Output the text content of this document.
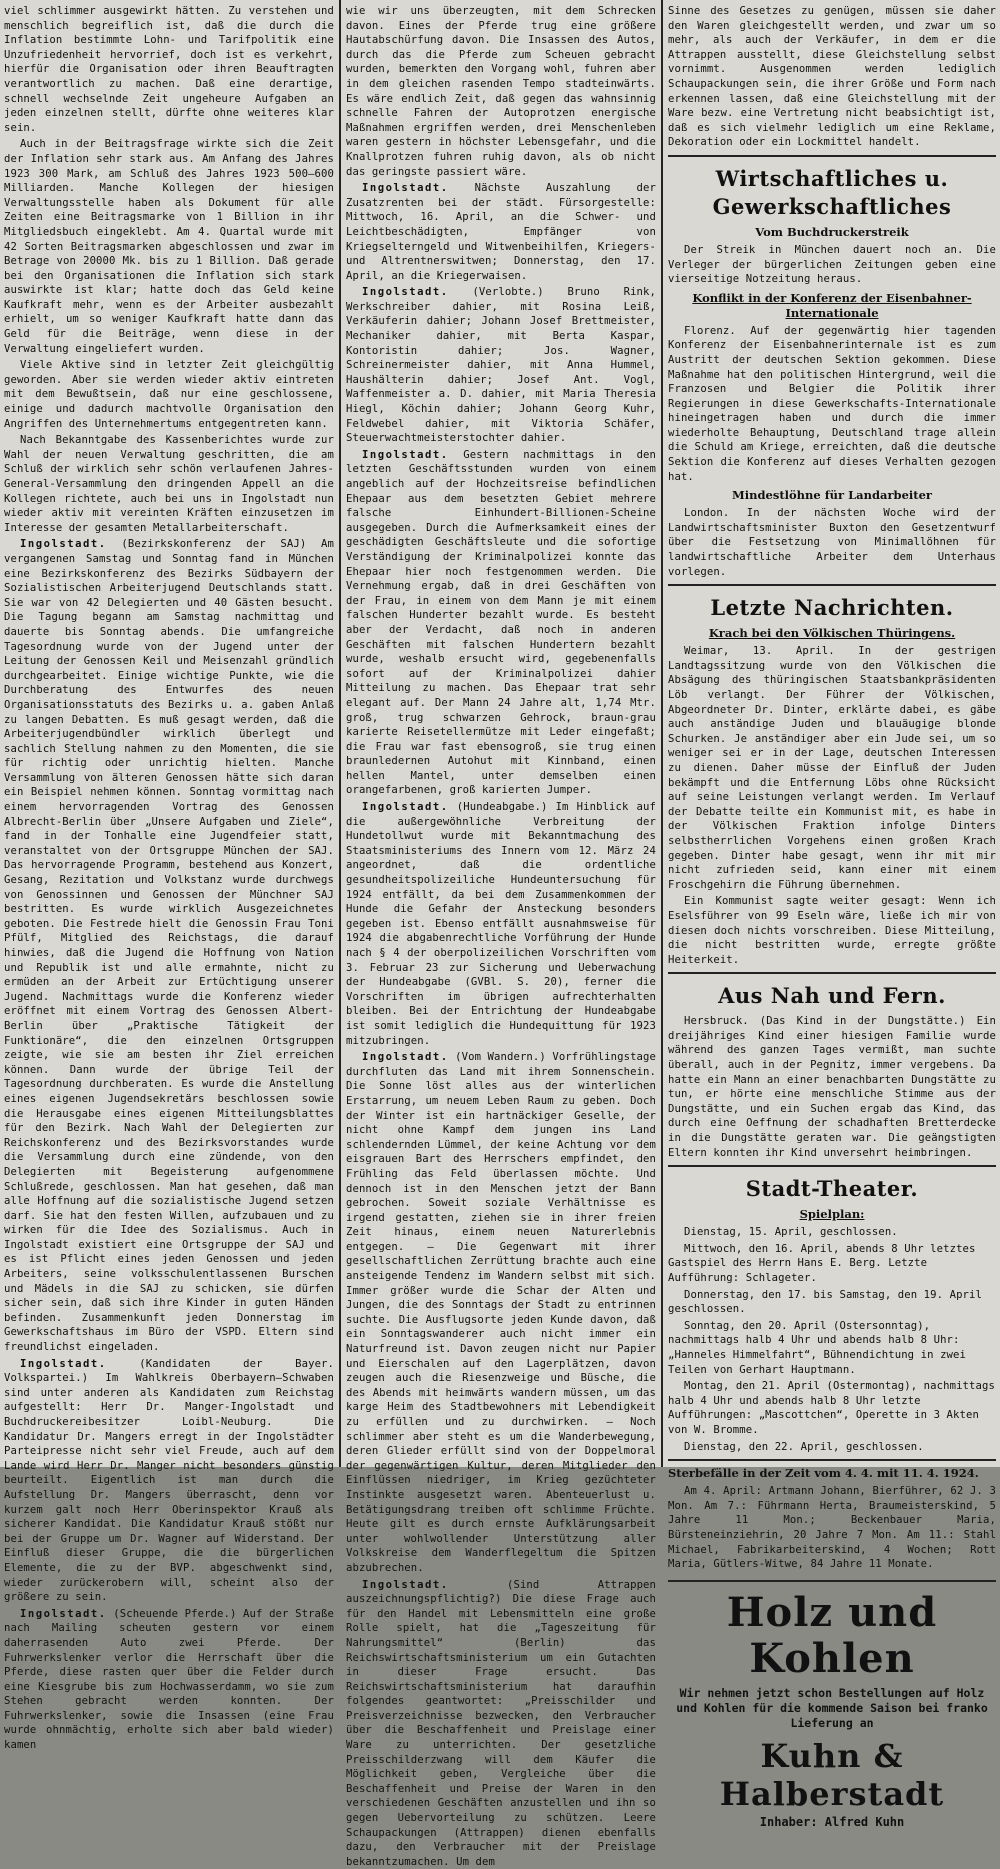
viel schlimmer ausgewirkt hätten. Zu verstehen und menschlich begreiflich ist, daß die durch die Inflation bestimmte Lohn- und Tarifpolitik eine Unzufriedenheit hervorrief, doch ist es verkehrt, hierfür die Organisation oder ihren Beauftragten verantwortlich zu machen. Daß eine derartige, schnell wechselnde Zeit ungeheure Aufgaben an jeden einzelnen stellt, dürfte ohne weiteres klar sein.

Auch in der Beitragsfrage wirkte sich die Zeit der Inflation sehr stark aus. Am Anfang des Jahres 1923 300 Mark, am Schluß des Jahres 1923 500—600 Milliarden. Manche Kollegen der hiesigen Verwaltungsstelle haben als Dokument für alle Zeiten eine Beitragsmarke von 1 Billion in ihr Mitgliedsbuch eingeklebt. Am 4. Quartal wurde mit 42 Sorten Beitragsmarken abgeschlossen und zwar im Betrage von 20000 Mk. bis zu 1 Billion. Daß gerade bei den Organisationen die Inflation sich stark auswirkte ist klar; hatte doch das Geld keine Kaufkraft mehr, wenn es der Arbeiter ausbezahlt erhielt, um so weniger Kaufkraft hatte dann das Geld für die Beiträge, wenn diese in der Verwaltung eingeliefert wurden.

Viele Aktive sind in letzter Zeit gleichgültig geworden. Aber sie werden wieder aktiv eintreten mit dem Bewußtsein, daß nur eine geschlossene, einige und dadurch machtvolle Organisation den Angriffen des Unternehmertums entgegentreten kann.

Nach Bekanntgabe des Kassenberichtes wurde zur Wahl der neuen Verwaltung geschritten, die am Schluß der wirklich sehr schön verlaufenen Jahres-General-Versammlung den dringenden Appell an die Kollegen richtete, auch bei uns in Ingolstadt nun wieder aktiv mit vereinten Kräften einzusetzen im Interesse der gesamten Metallarbeiterschaft.

Ingolstadt. (Bezirkskonferenz der SAJ) Am vergangenen Samstag und Sonntag fand in München eine Bezirkskonferenz des Bezirks Südbayern der Sozialistischen Arbeiterjugend Deutschlands statt. Sie war von 42 Delegierten und 40 Gästen besucht. Die Tagung begann am Samstag nachmittag und dauerte bis Sonntag abends. Die umfangreiche Tagesordnung wurde von der Jugend unter der Leitung der Genossen Keil und Meisenzahl gründlich durchgearbeitet. Einige wichtige Punkte, wie die Durchberatung des Entwurfes des neuen Organisationsstatuts des Bezirks u. a. gaben Anlaß zu langen Debatten. Es muß gesagt werden, daß die Arbeiterjugendbündler wirklich überlegt und sachlich Stellung nahmen zu den Momenten, die sie für richtig oder unrichtig hielten. Manche Versammlung von älteren Genossen hätte sich daran ein Beispiel nehmen können. Sonntag vormittag nach einem hervorragenden Vortrag des Genossen Albrecht-Berlin über „Unsere Aufgaben und Ziele“, fand in der Tonhalle eine Jugendfeier statt, veranstaltet von der Ortsgruppe München der SAJ. Das hervorragende Programm, bestehend aus Konzert, Gesang, Rezitation und Volkstanz wurde durchwegs von Genossinnen und Genossen der Münchner SAJ bestritten. Es wurde wirklich Ausgezeichnetes geboten. Die Festrede hielt die Genossin Frau Toni Pfülf, Mitglied des Reichstags, die darauf hinwies, daß die Jugend die Hoffnung von Nation und Republik ist und alle ermahnte, nicht zu ermüden an der Arbeit zur Ertüchtigung unserer Jugend. Nachmittags wurde die Konferenz wieder eröffnet mit einem Vortrag des Genossen Albert-Berlin über „Praktische Tätigkeit der Funktionäre“, die den einzelnen Ortsgruppen zeigte, wie sie am besten ihr Ziel erreichen können. Dann wurde der übrige Teil der Tagesordnung durchberaten. Es wurde die Anstellung eines eigenen Jugendsekretärs beschlossen sowie die Herausgabe eines eigenen Mitteilungsblattes für den Bezirk. Nach Wahl der Delegierten zur Reichskonferenz und des Bezirksvorstandes wurde die Versammlung durch eine zündende, von den Delegierten mit Begeisterung aufgenommene Schlußrede, geschlossen. Man hat gesehen, daß man alle Hoffnung auf die sozialistische Jugend setzen darf. Sie hat den festen Willen, aufzubauen und zu wirken für die Idee des Sozialismus. Auch in Ingolstadt existiert eine Ortsgruppe der SAJ und es ist Pflicht eines jeden Genossen und jeden Arbeiters, seine volksschulentlassenen Burschen und Mädels in die SAJ zu schicken, sie dürfen sicher sein, daß sich ihre Kinder in guten Händen befinden. Zusammenkunft jeden Donnerstag im Gewerkschaftshaus im Büro der VSPD. Eltern sind freundlichst eingeladen.

Ingolstadt.	(Kandidaten der Bayer. Volkspartei.) Im Wahlkreis Oberbayern—Schwaben sind unter anderen als Kandidaten zum Reichstag aufgestellt: Herr Dr. Manger-Ingolstadt und Buchdruckereibesitzer Loibl-Neuburg. Die Kandidatur Dr. Mangers erregt in der Ingolstädter Parteipresse nicht sehr viel Freude, auch auf dem Lande wird Herr Dr. Manger nicht besonders günstig beurteilt. Eigentlich ist man durch die Aufstellung Dr. Mangers überrascht, denn vor kurzem galt noch Herr Oberinspektor Krauß als sicherer Kandidat. Die Kandidatur Krauß stößt nur bei der Gruppe um Dr. Wagner auf Widerstand. Der Einfluß dieser Gruppe, die die bürgerlichen Elemente, die zu der BVP. abgeschwenkt sind, wieder zurückerobern will, scheint also der größere zu sein.

Ingolstadt. (Scheuende Pferde.) Auf der Straße nach Mailing scheuten gestern vor einem daherrasenden Auto zwei Pferde. Der Fuhrwerkslenker verlor die Herrschaft über die Pferde, diese rasten quer über die Felder durch eine Kiesgrube bis zum Hochwasserdamm, wo sie zum Stehen gebracht werden konnten. Der Fuhrwerkslenker, sowie die Insassen (eine Frau wurde ohnmächtig, erholte sich aber bald wieder) kamen

wie wir uns überzeugten, mit dem Schrecken davon. Eines der Pferde trug eine größere Hautabschürfung davon. Die Insassen des Autos, durch das die Pferde zum Scheuen gebracht wurden, bemerkten den Vorgang wohl, fuhren aber in dem gleichen rasenden Tempo stadteinwärts. Es wäre endlich Zeit, daß gegen das wahnsinnig schnelle Fahren der Autoprotzen energische Maßnahmen ergriffen werden, drei Menschenleben waren gestern in höchster Lebensgefahr, und die Knallprotzen fuhren ruhig davon, als ob nicht das geringste passiert wäre.

Ingolstadt. Nächste Auszahlung der Zusatzrenten bei der städt. Fürsorgestelle: Mittwoch, 16. April, an die Schwer- und Leichtbeschädigten, Empfänger von Kriegselterngeld und Witwenbeihilfen, Kriegers- und Altrentnerswitwen; Donnerstag, den 17. April, an die Kriegerwaisen.

Ingolstadt. (Verlobte.) Bruno Rink, Werkschreiber dahier, mit Rosina Leiß, Verkäuferin dahier; Johann Josef Brettmeister, Mechaniker dahier, mit Berta Kaspar, Kontoristin dahier; Jos. Wagner, Schreinermeister dahier, mit Anna Hummel, Haushälterin dahier; Josef Ant. Vogl, Waffenmeister a. D. dahier, mit Maria Theresia Hiegl, Köchin dahier; Johann Georg Kuhr, Feldwebel dahier, mit Viktoria Schäfer, Steuerwachtmeisterstochter dahier.

Ingolstadt. Gestern nachmittags in den letzten Geschäftsstunden wurden von einem angeblich auf der Hochzeitsreise befindlichen Ehepaar aus dem besetzten Gebiet mehrere falsche Einhundert-Billionen-Scheine ausgegeben. Durch die Aufmerksamkeit eines der geschädigten Geschäftsleute und die sofortige Verständigung der Kriminalpolizei konnte das Ehepaar hier noch festgenommen werden. Die Vernehmung ergab, daß in drei Geschäften von der Frau, in einem von dem Mann je mit einem falschen Hunderter bezahlt wurde. Es besteht aber der Verdacht, daß noch in anderen Geschäften mit falschen Hundertern bezahlt wurde, weshalb ersucht wird, gegebenenfalls sofort auf der Kriminalpolizei dahier Mitteilung zu machen. Das Ehepaar trat sehr elegant auf. Der Mann 24 Jahre alt, 1,74 Mtr. groß, trug schwarzen Gehrock, braun-grau karierte Reisetellermütze mit Leder eingefaßt; die Frau war fast ebensogroß, sie trug einen braunledernen Autohut mit Kinnband, einen hellen Mantel, unter demselben einen orangefarbenen, groß karierten Jumper.

Ingolstadt. (Hundeabgabe.) Im Hinblick auf die außergewöhnliche Verbreitung der Hundetollwut wurde mit Bekanntmachung des Staatsministeriums des Innern vom 12. März 24 angeordnet, daß die ordentliche gesundheitspolizeiliche Hundeuntersuchung für 1924 entfällt, da bei dem Zusammenkommen der Hunde die Gefahr der Ansteckung besonders gegeben ist. Ebenso entfällt ausnahmsweise für 1924 die abgabenrechtliche Vorführung der Hunde nach § 4 der oberpolizeilichen Vorschriften vom 3. Februar 23 zur Sicherung und Ueberwachung der Hundeabgabe (GVBl. S. 20), ferner die Vorschriften im übrigen aufrechterhalten bleiben. Bei der Entrichtung der Hundeabgabe ist somit lediglich die Hundequittung für 1923 mitzubringen.

Ingolstadt. (Vom Wandern.) Vorfrühlingstage durchfluten das Land mit ihrem Sonnenschein. Die Sonne löst alles aus der winterlichen Erstarrung, um neuem Leben Raum zu geben. Doch der Winter ist ein hartnäckiger Geselle, der nicht ohne Kampf dem jungen ins Land schlendernden Lümmel, der keine Achtung vor dem eisgrauen Bart des Herrschers empfindet, den Frühling das Feld überlassen möchte. Und dennoch ist in den Menschen jetzt der Bann gebrochen. Soweit soziale Verhältnisse es irgend gestatten, ziehen sie in ihrer freien Zeit hinaus, einem neuen Naturerlebnis entgegen. — Die Gegenwart mit ihrer gesellschaftlichen Zerrüttung brachte auch eine ansteigende Tendenz im Wandern selbst mit sich. Immer größer wurde die Schar der Alten und Jungen, die des Sonntags der Stadt zu entrinnen suchte. Die Ausflugsorte jeden Kunde davon, daß ein Sonntagswanderer auch nicht immer ein Naturfreund ist. Davon zeugen nicht nur Papier und Eierschalen auf den Lagerplätzen, davon zeugen auch die Riesenzweige und Büsche, die des Abends mit heimwärts wandern müssen, um das karge Heim des Stadtbewohners mit Lebendigkeit zu erfüllen und zu durchwirken. — Noch schlimmer aber steht es um die Wanderbewegung, deren Glieder erfüllt sind von der Doppelmoral der gegenwärtigen Kultur, deren Mitglieder den Einflüssen niedriger, im Krieg gezüchteter Instinkte ausgesetzt waren. Abenteuerlust u. Betätigungsdrang treiben oft schlimme Früchte. Heute gilt es durch ernste Aufklärungsarbeit unter wohlwollender Unterstützung aller Volkskreise dem Wanderflegeltum die Spitzen abzubrechen.

Ingolstadt.	(Sind Attrappen auszeichnungspflichtig?) Die diese Frage auch für den Handel mit Lebensmitteln eine große Rolle spielt, hat die „Tageszeitung für Nahrungsmittel“ (Berlin) das Reichswirtschaftsministerium um ein Gutachten in dieser Frage ersucht. Das Reichswirtschaftsministerium hat daraufhin folgendes geantwortet: „Preisschilder und Preisverzeichnisse bezwecken, den Verbraucher über die Beschaffenheit und Preislage einer Ware zu unterrichten. Der gesetzliche Preisschilderzwang will dem Käufer die Möglichkeit geben, Vergleiche über die Beschaffenheit und Preise der Waren in den verschiedenen Geschäften anzustellen und ihn so gegen Uebervorteilung zu schützen. Leere Schaupackungen (Attrappen) dienen ebenfalls dazu, den Verbraucher mit der Preislage bekanntzumachen. Um dem

Sinne des Gesetzes zu genügen, müssen sie daher den Waren gleichgestellt werden, und zwar um so mehr, als auch der Verkäufer, in dem er die Attrappen ausstellt, diese Gleichstellung selbst vornimmt. Ausgenommen werden lediglich Schaupackungen sein, die ihrer Größe und Form nach erkennen lassen, daß eine Gleichstellung mit der Ware bezw. eine Vertretung nicht beabsichtigt ist, daß es sich vielmehr lediglich um eine Reklame, Dekoration oder ein Lockmittel handelt.

Wirtschaftliches u. Gewerkschaftliches
Vom Buchdruckerstreik

Der Streik in München dauert noch an. Die Verleger der bürgerlichen Zeitungen geben eine vierseitige Notzeitung heraus.

Konflikt in der Konferenz der Eisenbahner-Internationale

Florenz. Auf der gegenwärtig hier tagenden Konferenz der Eisenbahnerinternale ist es zum Austritt der deutschen Sektion gekommen. Diese Maßnahme hat den politischen Hintergrund, weil die Franzosen und Belgier die Politik ihrer Regierungen in diese Gewerkschafts-Internationale hineingetragen haben und durch die immer wiederholte Behauptung, Deutschland trage allein die Schuld am Kriege, erreichten, daß die deutsche Sektion die Konferenz auf dieses Verhalten gezogen hat.

Mindestlöhne für Landarbeiter

London. In der nächsten Woche wird der Landwirtschaftsminister Buxton den Gesetzentwurf über die Festsetzung von Minimallöhnen für landwirtschaftliche Arbeiter dem Unterhaus vorlegen.

Letzte Nachrichten.
Krach bei den Völkischen Thüringens.

Weimar, 13. April. In der gestrigen Landtagssitzung wurde von den Völkischen die Absägung des thüringischen Staatsbankpräsidenten Löb verlangt. Der Führer der Völkischen, Abgeordneter Dr. Dinter, erklärte dabei, es gäbe auch anständige Juden und blauäugige blonde Schurken. Je anständiger aber ein Jude sei, um so weniger sei er in der Lage, deutschen Interessen zu dienen. Daher müsse der Einfluß der Juden bekämpft und die Entfernung Löbs ohne Rücksicht auf seine Leistungen verlangt werden. Im Verlauf der Debatte teilte ein Kommunist mit, es habe in der Völkischen Fraktion infolge Dinters selbstherrlichen Vorgehens einen großen Krach gegeben. Dinter habe gesagt, wenn ihr mit mir nicht zufrieden seid, kann einer mit einem Froschgehirn die Führung übernehmen.

Ein Kommunist sagte weiter gesagt: Wenn ich Eselsführer von 99 Eseln wäre, ließe ich mir von diesen doch nichts vorschreiben. Diese Mitteilung, die nicht bestritten wurde, erregte größte Heiterkeit.

Aus Nah und Fern.

Hersbruck. (Das Kind in der Dungstätte.) Ein dreijähriges Kind einer hiesigen Familie wurde während des ganzen Tages vermißt, man suchte überall, auch in der Pegnitz, immer vergebens. Da hatte ein Mann an einer benachbarten Dungstätte zu tun, er hörte eine menschliche Stimme aus der Dungstätte, und ein Suchen ergab das Kind, das durch eine Oeffnung der schadhaften Bretterdecke in die Dungstätte geraten war. Die geängstigten Eltern konnten ihr Kind unversehrt heimbringen.

Stadt-Theater.
Spielplan:

Dienstag, 15. April, geschlossen.

Mittwoch, den 16. April, abends 8 Uhr letztes Gastspiel des Herrn Hans E. Berg. Letzte Aufführung: Schlageter.

Donnerstag, den 17. bis Samstag, den 19. April geschlossen.

Sonntag, den 20. April (Ostersonntag), nachmittags halb 4 Uhr und abends halb 8 Uhr: „Hanneles Himmelfahrt“, Bühnendichtung in zwei Teilen von Gerhart Hauptmann.

Montag, den 21. April (Ostermontag), nachmittags halb 4 Uhr und abends halb 8 Uhr letzte Aufführungen: „Mascottchen“, Operette in 3 Akten von W. Bromme.

Dienstag, den 22. April, geschlossen.

Sterbefälle in der Zeit vom 4. 4. mit 11. 4. 1924.

Am 4. April: Artmann Johann, Bierführer, 62 J. 3 Mon. Am 7.: Führmann Herta, Braumeisterskind, 5 Jahre 11 Mon.; Beckenbauer Maria, Bürsteneinziehrin, 20 Jahre 7 Mon. Am 11.: Stahl Michael, Fabrikarbeiterskind, 4 Wochen; Rott Maria, Gütlers-Witwe, 84 Jahre 11 Monate.

Holz und Kohlen
Wir nehmen jetzt schon Bestellungen auf Holz und Kohlen für die kommende Saison bei franko Lieferung an
Kuhn & Halberstadt
Inhaber: Alfred Kuhn
